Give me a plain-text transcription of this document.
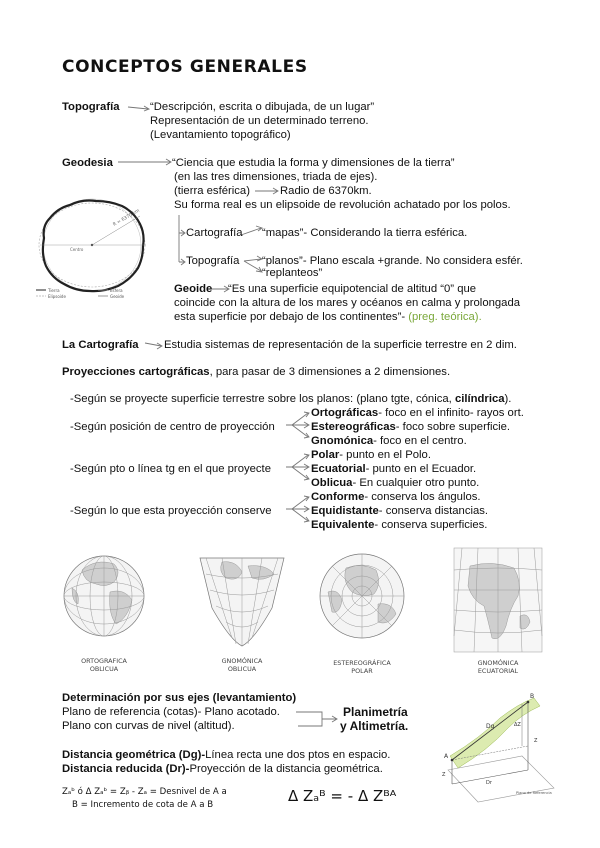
CONCEPTOS GENERALES
Topografía	“Descripción, escrita o dibujada, de un lugar”
Representación de un determinado terreno.
(Levantamiento topográfico)
Geodesia	“Ciencia que estudia la forma y dimensiones de la tierra”
(en las tres dimensiones, triada de ejes).
(tierra esférica)	Radio de 6370km.
Su forma real es un elipsoide de revolución achatado por los polos.
R = 6370 km
Centro
Tierra
Elipsoide
Esfera
Geoide
Cartografía “mapas”- Considerando la tierra esférica.
Topografía “planos”- Plano escala +grande. No considera esfér.
“replanteos”
Geoide “Es una superficie equipotencial de altitud “0” que
coincide con la altura de los mares y océanos en calma y prolongada
esta superficie por debajo de los continentes”- (preg. teórica).
La Cartografía Estudia sistemas de representación de la superficie terrestre en 2 dim.
Proyecciones cartográficas, para pasar de 3 dimensiones a 2 dimensiones.
-Según se proyecte superficie terrestre sobre los planos: (plano tgte, cónica, cilíndrica).
-Según posición de centro de proyección
Ortográficas- foco en el infinito- rayos ort.
Estereográficas- foco sobre superficie.
Gnomónica- foco en el centro.
-Según pto o línea tg en el que proyecte
Polar- punto en el Polo.
Ecuatorial- punto en el Ecuador.
Oblicua- En cualquier otro punto.
-Según lo que esta proyección conserve
Conforme- conserva los ángulos.
Equidistante- conserva distancias.
Equivalente- conserva superficies.
ORTOGRAFICA
OBLICUA
GNOMÓNICA
OBLICUA
ESTEREOGRÁFICA
POLAR
GNOMÓNICA
ECUATORIAL
Determinación por sus ejes (levantamiento)
Plano de referencia (cotas)- Plano acotado.
Plano con curvas de nivel (altitud).
Planimetría
y Altimetría.
Distancia geométrica (Dg)-Línea recta une dos ptos en espacio.
Distancia reducida (Dr)-Proyección de la distancia geométrica.
Zₐᵇ ó Δ Zₐᵇ = Zᵦ - Zₐ = Desnivel de A a
B = Incremento de cota de A a B	Δ Zₐᴮ = - Δ Zᴮᴬ
Dg	ΔZ
Z
Z
A
B
Dr
Plano de Referencia
